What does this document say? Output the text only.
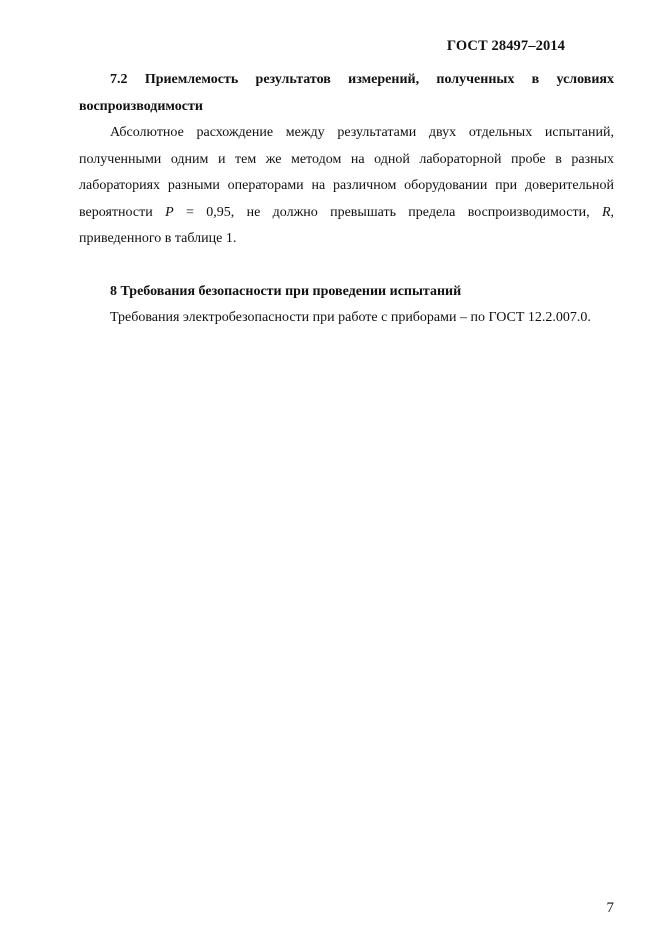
ГОСТ 28497–2014

7.2 Приемлемость результатов измерений, полученных в условиях воспроизводимости

Абсолютное расхождение между результатами двух отдельных испытаний, полученными одним и тем же методом на одной лабораторной пробе в разных лабораториях разными операторами на различном оборудовании при доверительной вероятности P = 0,95, не должно превышать предела воспроизводимости, R, приведенного в таблице 1.

8 Требования безопасности при проведении испытаний

Требования электробезопасности при работе с приборами – по ГОСТ 12.2.007.0.

7
